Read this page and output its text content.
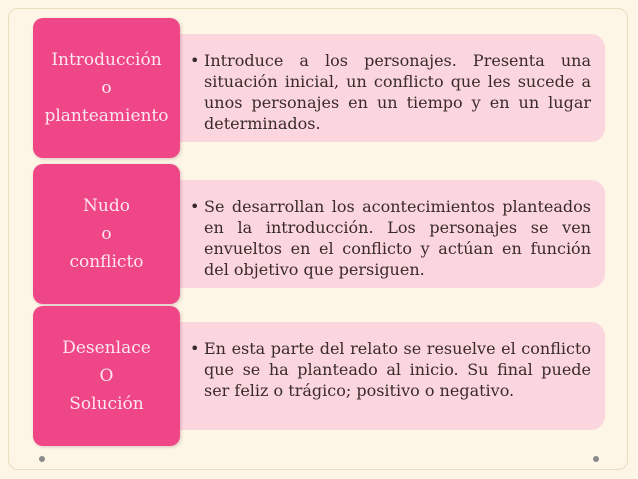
• Introduce a los personajes. Presenta una situación inicial, un conflicto que les sucede a unos personajes en un tiempo y en un lugar determinados.
Introducción
o
planteamiento
• Se desarrollan los acontecimientos planteados en la introducción. Los personajes se ven envueltos en el conflicto y actúan en función del objetivo que persiguen.
Nudo
o
conflicto
• En esta parte del relato se resuelve el conflicto que se ha planteado al inicio. Su final puede ser feliz o trágico; positivo o negativo.
Desenlace
O
Solución
